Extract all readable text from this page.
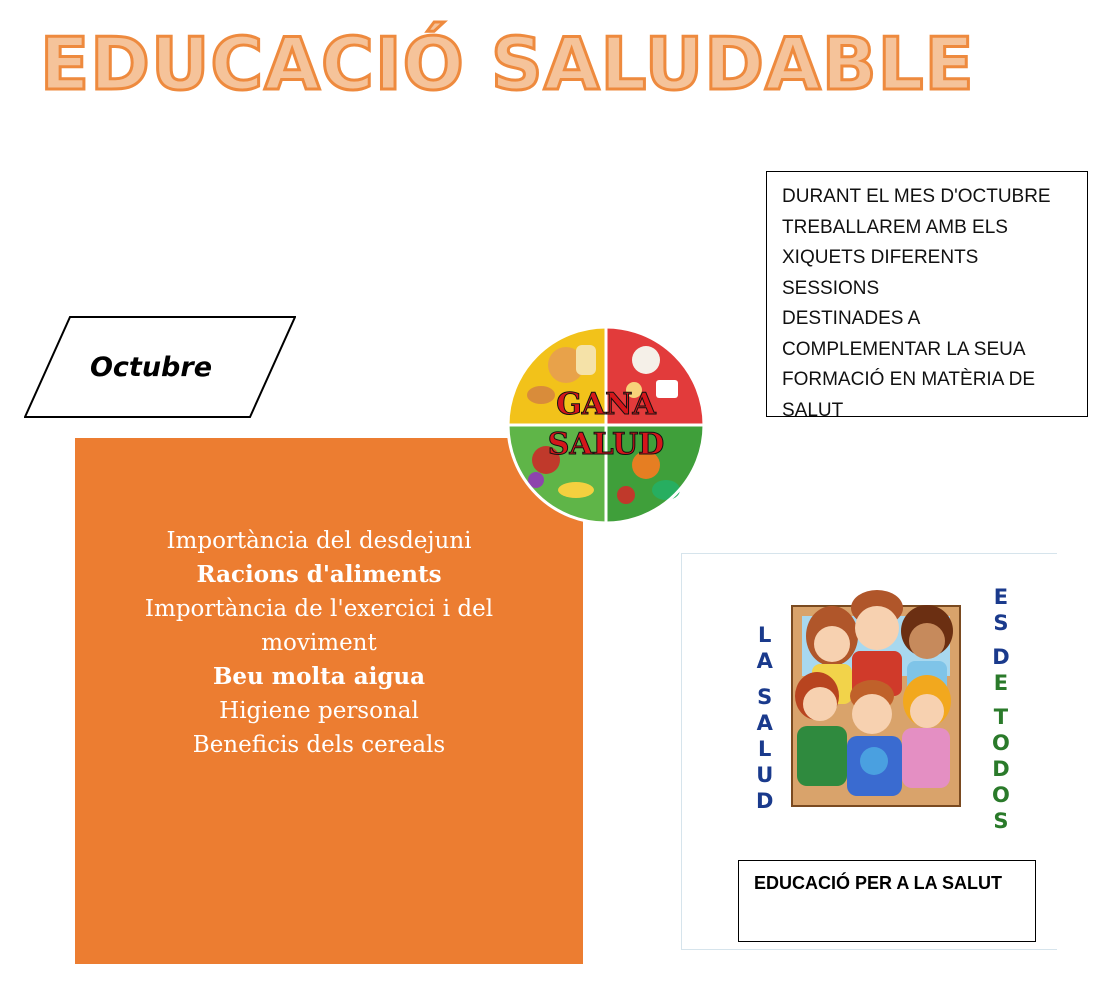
EDUCACIÓ SALUDABLE
DURANT EL MES D'OCTUBRE
TREBALLAREM AMB ELS
XIQUETS DIFERENTS SESSIONS
DESTINADES A
COMPLEMENTAR LA SEUA
FORMACIÓ EN MATÈRIA DE
SALUT
Octubre
Importància del desdejuni
Racions d'aliments
Importància de l'exercici i del
moviment
Beu molta aigua
Higiene personal
Beneficis dels cereals
GANA
SALUD
L
A
S
A
L
U
D
E
S
D
E
T
O
D
O
S
EDUCACIÓ PER A LA SALUT
